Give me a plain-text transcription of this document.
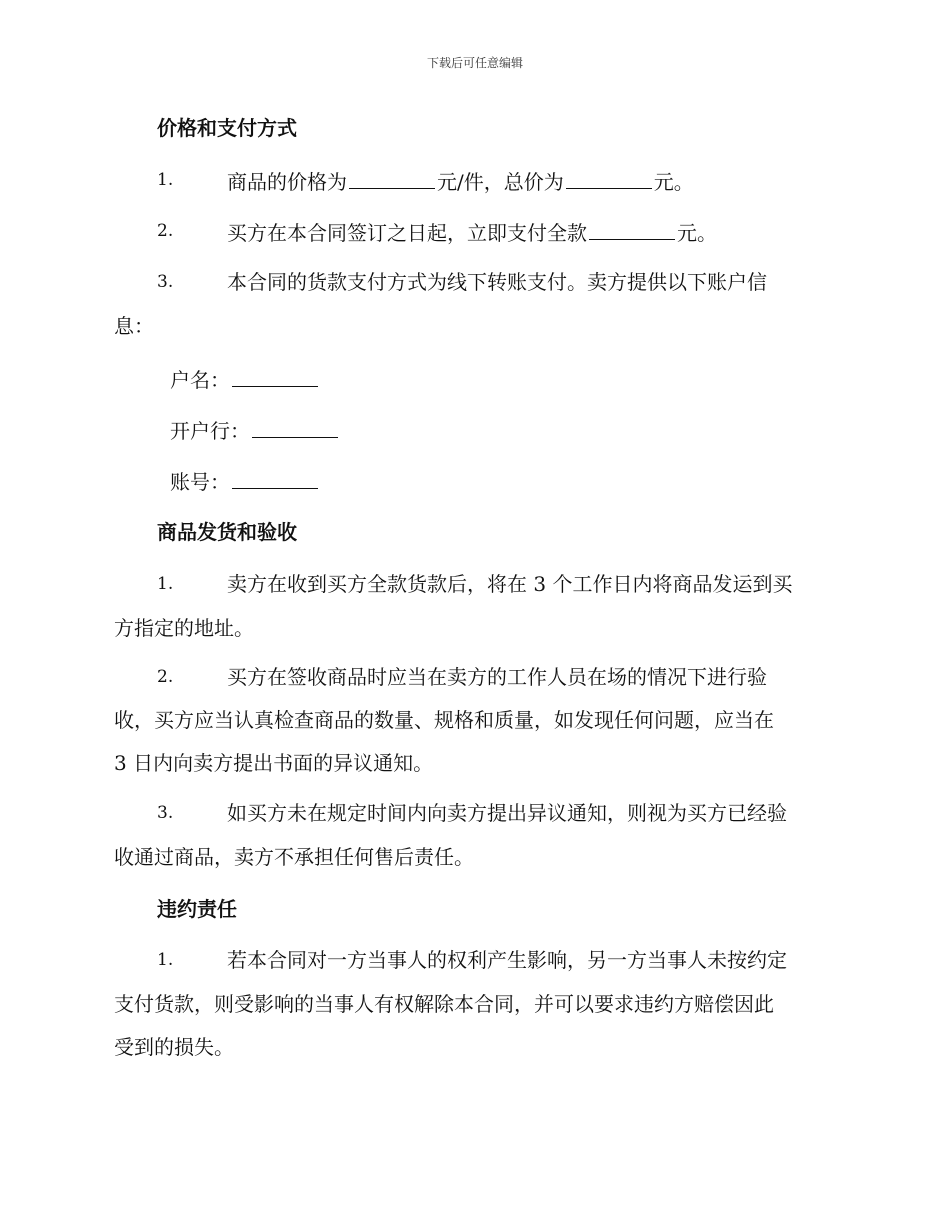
下载后可任意编辑
价格和支付方式
1.	商品的价格为	元/件，总价为	元。
2.	买方在本合同签订之日起，立即支付全款	元。
3.	本合同的货款支付方式为线下转账支付。卖方提供以下账户信
息：
户名：
开户行：
账号：
商品发货和验收
1.	卖方在收到买方全款货款后，将在 3 个工作日内将商品发运到买
方指定的地址。
2.	买方在签收商品时应当在卖方的工作人员在场的情况下进行验
收，买方应当认真检查商品的数量、规格和质量，如发现任何问题，应当在
3 日内向卖方提出书面的异议通知。
3.	如买方未在规定时间内向卖方提出异议通知，则视为买方已经验
收通过商品，卖方不承担任何售后责任。
违约责任
1.	若本合同对一方当事人的权利产生影响，另一方当事人未按约定
支付货款，则受影响的当事人有权解除本合同，并可以要求违约方赔偿因此
受到的损失。
